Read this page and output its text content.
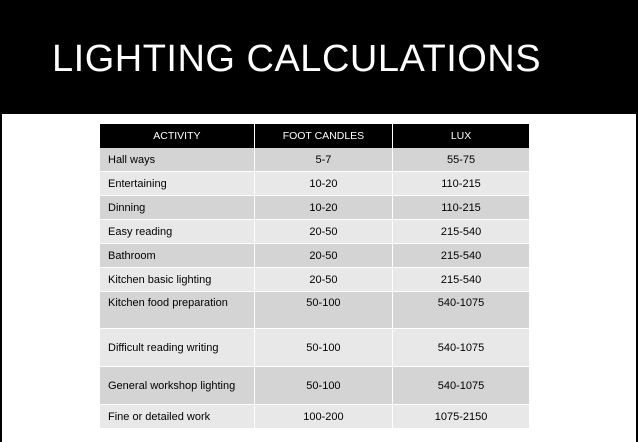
LIGHTING CALCULATIONS
ACTIVITY	FOOT CANDLES	LUX
Hall ways	5-7	55-75
Entertaining	10-20	110-215
Dinning	10-20	110-215
Easy reading	20-50	215-540
Bathroom	20-50	215-540
Kitchen basic lighting	20-50	215-540
Kitchen food preparation	50-100	540-1075
Difficult reading writing	50-100	540-1075
General workshop lighting	50-100	540-1075
Fine or detailed work	100-200	1075-2150
